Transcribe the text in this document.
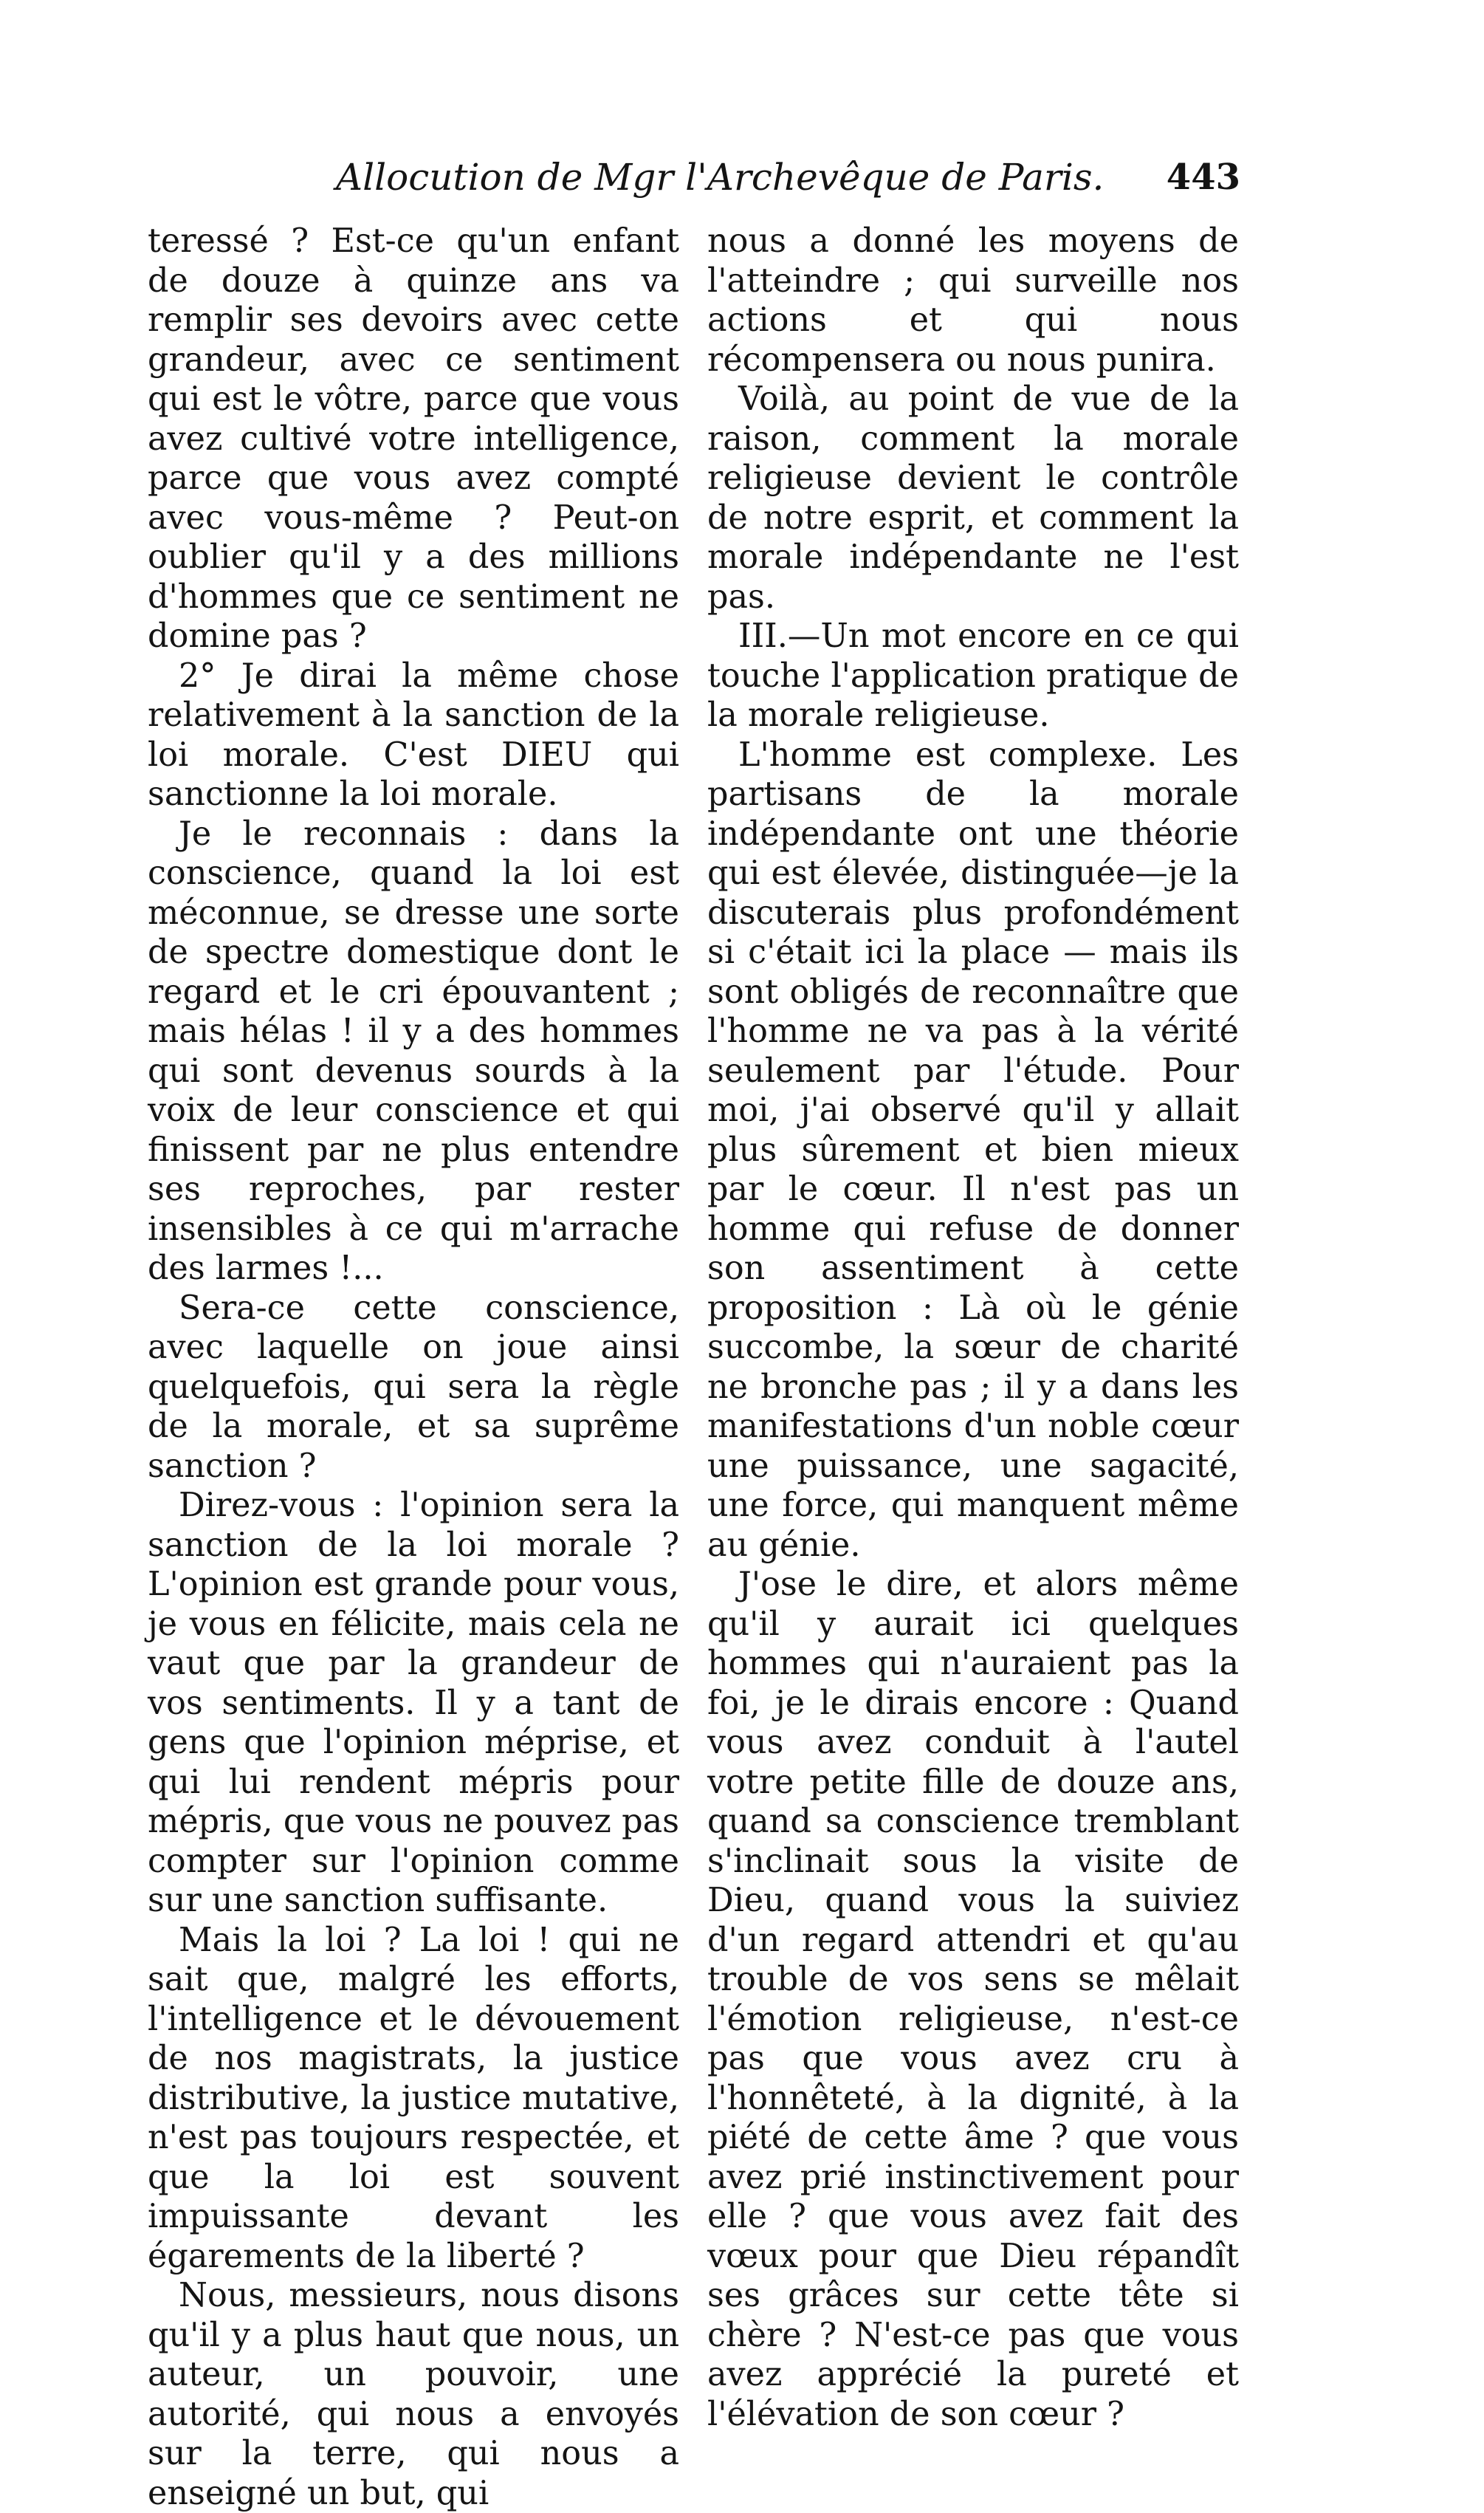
Allocution de Mgr l'Archevêque de Paris. 443

teressé ? Est-ce qu'un enfant de douze à quinze ans va remplir ses devoirs avec cette grandeur, avec ce sentiment qui est le vôtre, parce que vous avez cultivé votre intelligence, parce que vous avez compté avec vous-même ? Peut-on oublier qu'il y a des millions d'hommes que ce sentiment ne domine pas ?

2° Je dirai la même chose relativement à la sanction de la loi morale. C'est DIEU qui sanctionne la loi morale.

Je le reconnais : dans la conscience, quand la loi est méconnue, se dresse une sorte de spectre domestique dont le regard et le cri épouvantent ; mais hélas ! il y a des hommes qui sont devenus sourds à la voix de leur conscience et qui finissent par ne plus entendre ses reproches, par rester insensibles à ce qui m'arrache des larmes !...

Sera-ce cette conscience, avec laquelle on joue ainsi quelquefois, qui sera la règle de la morale, et sa suprême sanction ?

Direz-vous : l'opinion sera la sanction de la loi morale ? L'opinion est grande pour vous, je vous en félicite, mais cela ne vaut que par la grandeur de vos sentiments. Il y a tant de gens que l'opinion méprise, et qui lui rendent mépris pour mépris, que vous ne pouvez pas compter sur l'opinion comme sur une sanction suffisante.

Mais la loi ? La loi ! qui ne sait que, malgré les efforts, l'intelligence et le dévouement de nos magistrats, la justice distributive, la justice mutative, n'est pas toujours respectée, et que la loi est souvent impuissante devant les égarements de la liberté ?

Nous, messieurs, nous disons qu'il y a plus haut que nous, un auteur, un pouvoir, une autorité, qui nous a envoyés sur la terre, qui nous a enseigné un but, qui

nous a donné les moyens de l'atteindre ; qui surveille nos actions et qui nous récompensera ou nous punira.

Voilà, au point de vue de la raison, comment la morale religieuse devient le contrôle de notre esprit, et comment la morale indépendante ne l'est pas.

III.—Un mot encore en ce qui touche l'application pratique de la morale religieuse.

L'homme est complexe. Les partisans de la morale indépendante ont une théorie qui est élevée, distinguée—je la discuterais plus profondément si c'était ici la place — mais ils sont obligés de reconnaître que l'homme ne va pas à la vérité seulement par l'étude. Pour moi, j'ai observé qu'il y allait plus sûrement et bien mieux par le cœur. Il n'est pas un homme qui refuse de donner son assentiment à cette proposition : Là où le génie succombe, la sœur de charité ne bronche pas ; il y a dans les manifestations d'un noble cœur une puissance, une sagacité, une force, qui manquent même au génie.

J'ose le dire, et alors même qu'il y aurait ici quelques hommes qui n'auraient pas la foi, je le dirais encore : Quand vous avez conduit à l'autel votre petite fille de douze ans, quand sa conscience tremblant s'inclinait sous la visite de Dieu, quand vous la suiviez d'un regard attendri et qu'au trouble de vos sens se mêlait l'émotion religieuse, n'est-ce pas que vous avez cru à l'honnêteté, à la dignité, à la piété de cette âme ? que vous avez prié instinctivement pour elle ? que vous avez fait des vœux pour que Dieu répandît ses grâces sur cette tête si chère ? N'est-ce pas que vous avez apprécié la pureté et l'élévation de son cœur ?
